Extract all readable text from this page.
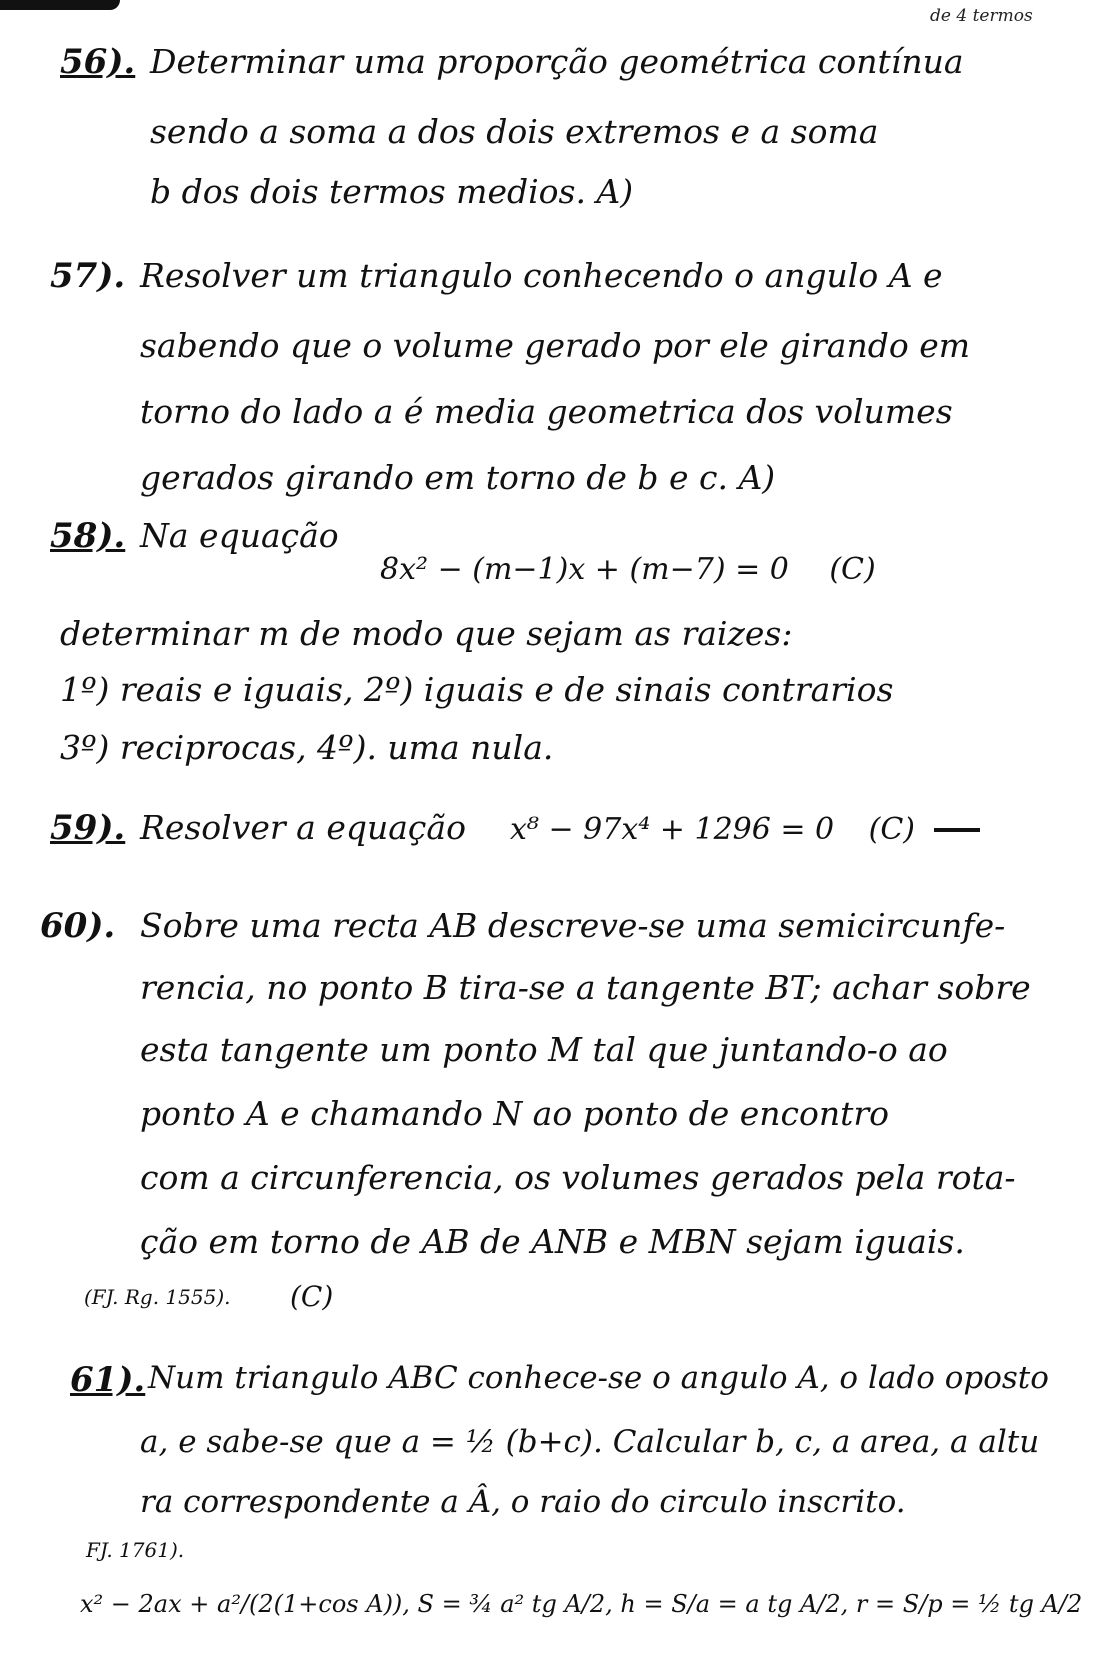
de 4 termos
56). Determinar uma proporção geométrica contínua
sendo a soma a dos dois extremos e a soma
b dos dois termos medios. A)
57). Resolver um triangulo conhecendo o angulo A e
sabendo que o volume gerado por ele girando em
torno do lado a é media geometrica dos volumes
gerados girando em torno de b e c. A)
58). Na equação
8x² − (m−1)x + (m−7) = 0 (C)
determinar m de modo que sejam as raizes:
1º) reais e iguais, 2º) iguais e de sinais contrarios
3º) reciprocas, 4º). uma nula.
59). Resolver a equação x⁸ − 97x⁴ + 1296 = 0 (C)
60). Sobre uma recta AB descreve-se uma semicircunfe-
rencia, no ponto B tira-se a tangente BT; achar sobre
esta tangente um ponto M tal que juntando-o ao
ponto A e chamando N ao ponto de encontro
com a circunferencia, os volumes gerados pela rota-
ção em torno de AB de ANB e MBN sejam iguais.
(FJ. Rg. 1555). (C)
61). Num triangulo ABC conhece-se o angulo A, o lado oposto
a, e sabe-se que a = ½ (b+c). Calcular b, c, a area, a altu
ra correspondente a Â, o raio do circulo inscrito.
FJ. 1761).
x² − 2ax + a²/(2(1+cos A)), S = ¾ a² tg A/2, h = S/a = a tg A/2, r = S/p = ½ tg A/2
